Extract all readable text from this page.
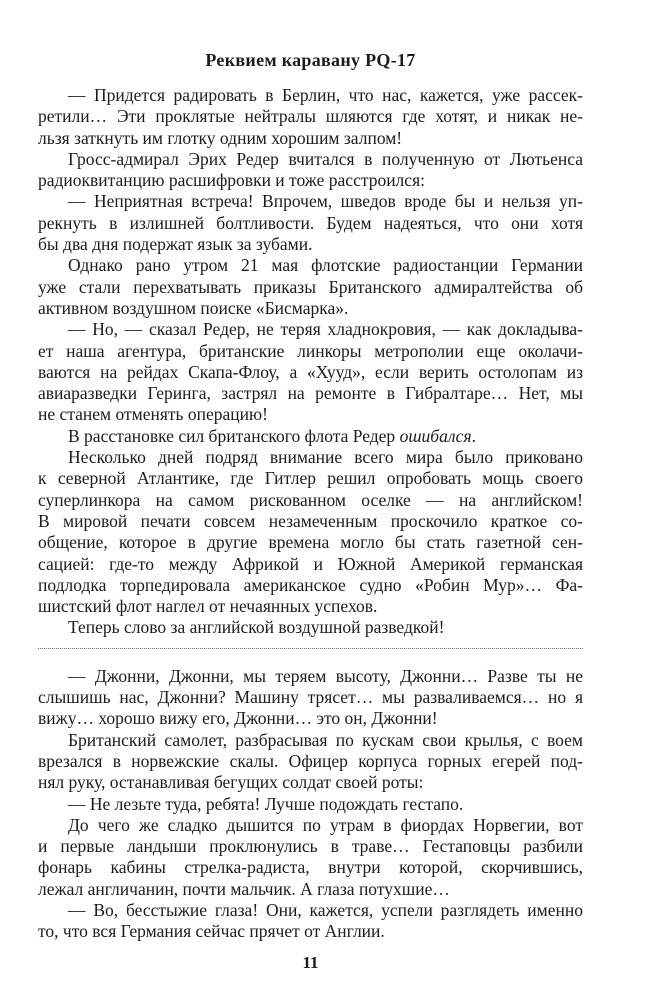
Реквием каравану PQ-17
— Придется радировать в Берлин, что нас, кажется, уже рассек-
ретили… Эти проклятые нейтралы шляются где хотят, и никак не-
льзя заткнуть им глотку одним хорошим залпом!
Гросс-адмирал Эрих Редер вчитался в полученную от Лютьенса
радиоквитанцию расшифровки и тоже расстроился:
— Неприятная встреча! Впрочем, шведов вроде бы и нельзя уп-
рекнуть в излишней болтливости. Будем надеяться, что они хотя
бы два дня подержат язык за зубами.
Однако рано утром 21 мая флотские радиостанции Германии
уже стали перехватывать приказы Британского адмиралтейства об
активном воздушном поиске «Бисмарка».
— Но, — сказал Редер, не теряя хладнокровия, — как докладыва-
ет наша агентура, британские линкоры метрополии еще околачи-
ваются на рейдах Скапа-Флоу, а «Хууд», если верить остолопам из
авиаразведки Геринга, застрял на ремонте в Гибралтаре… Нет, мы
не станем отменять операцию!
В расстановке сил британского флота Редер ошибался.
Несколько дней подряд внимание всего мира было приковано
к северной Атлантике, где Гитлер решил опробовать мощь своего
суперлинкора на самом рискованном оселке — на английском!
В мировой печати совсем незамеченным проскочило краткое со-
общение, которое в другие времена могло бы стать газетной сен-
сацией: где-то между Африкой и Южной Америкой германская
подлодка торпедировала американское судно «Робин Мур»… Фа-
шистский флот наглел от нечаянных успехов.
Теперь слово за английской воздушной разведкой!
— Джонни, Джонни, мы теряем высоту, Джонни… Разве ты не
слышишь нас, Джонни? Машину трясет… мы разваливаемся… но я
вижу… хорошо вижу его, Джонни… это он, Джонни!
Британский самолет, разбрасывая по кускам свои крылья, с воем
врезался в норвежские скалы. Офицер корпуса горных егерей под-
нял руку, останавливая бегущих солдат своей роты:
— Не лезьте туда, ребята! Лучше подождать гестапо.
До чего же сладко дышится по утрам в фиордах Норвегии, вот
и первые ландыши проклюнулись в траве… Гестаповцы разбили
фонарь кабины стрелка-радиста, внутри которой, скорчившись,
лежал англичанин, почти мальчик. А глаза потухшие…
— Во, бесстыжие глаза! Они, кажется, успели разглядеть именно
то, что вся Германия сейчас прячет от Англии.
11
